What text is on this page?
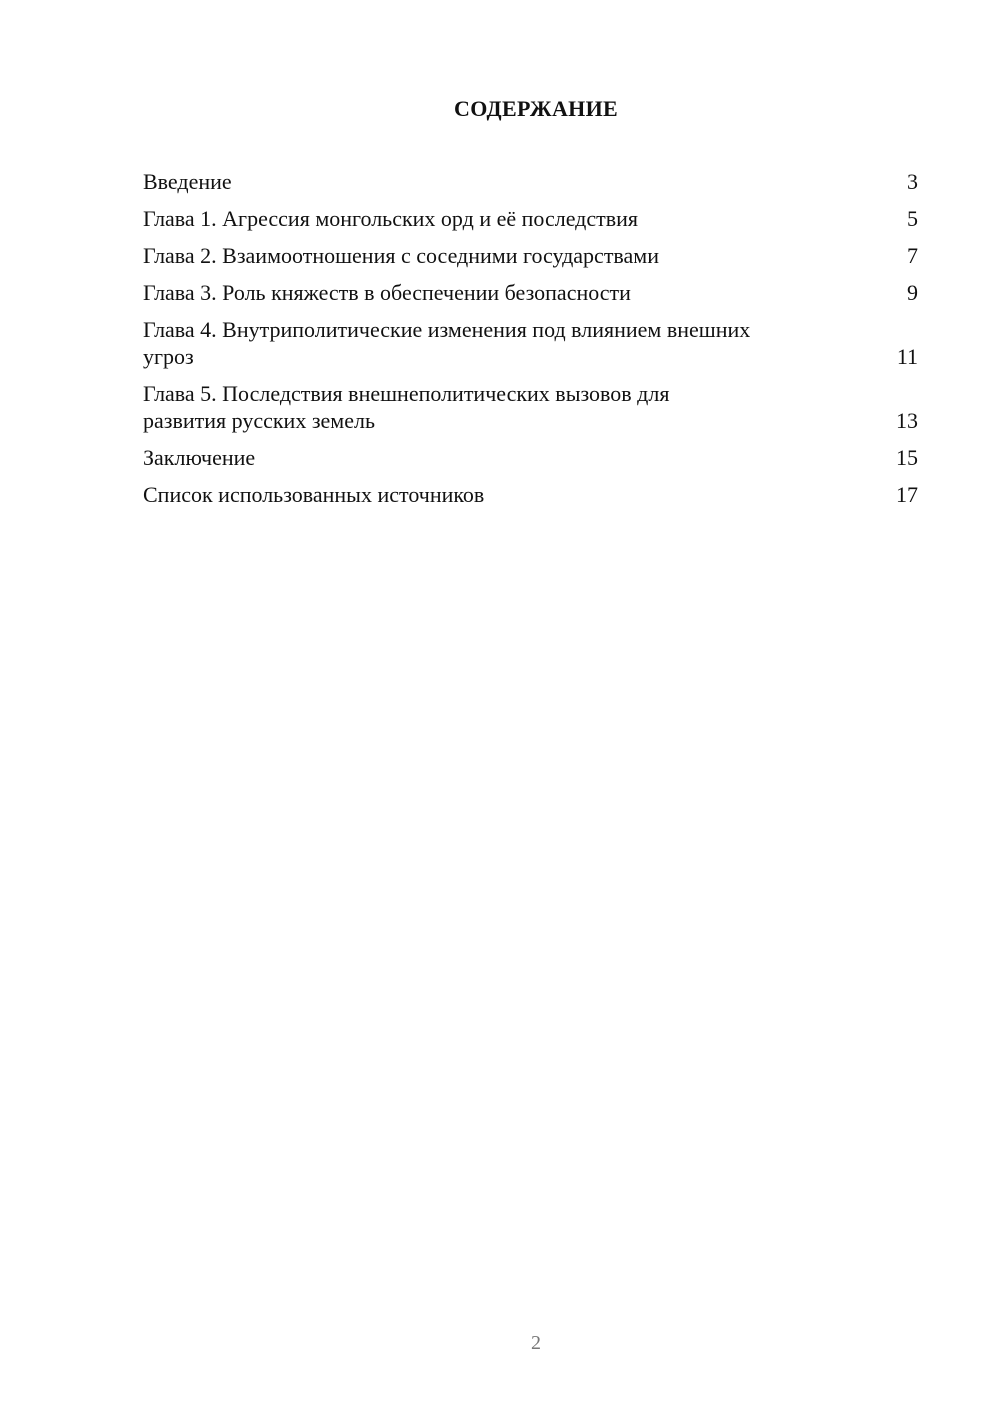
СОДЕРЖАНИЕ
Введение	3
Глава 1. Агрессия монгольских орд и её последствия	5
Глава 2. Взаимоотношения с соседними государствами	7
Глава 3. Роль княжеств в обеспечении безопасности	9
Глава 4. Внутриполитические изменения под влиянием внешних угроз	11
Глава 5. Последствия внешнеполитических вызовов для развития русских земель	13
Заключение	15
Список использованных источников	17
2
